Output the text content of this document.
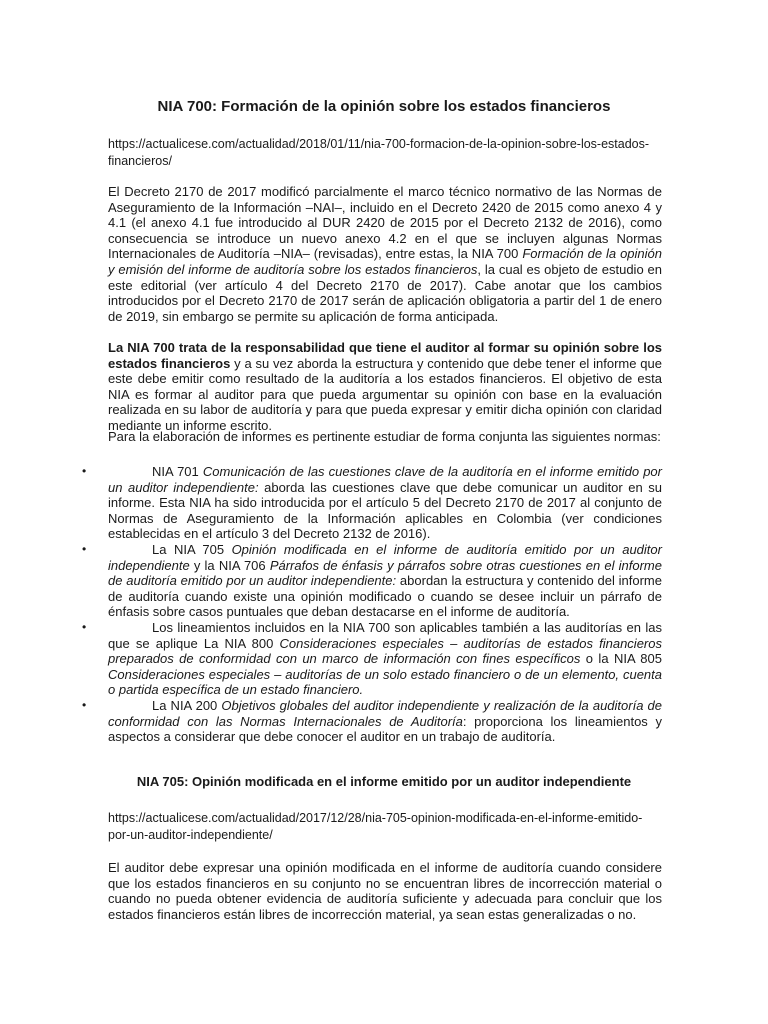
NIA 700: Formación de la opinión sobre los estados financieros
https://actualicese.com/actualidad/2018/01/11/nia-700-formacion-de-la-opinion-sobre-los-estados-financieros/
El Decreto 2170 de 2017 modificó parcialmente el marco técnico normativo de las Normas de Aseguramiento de la Información –NAI–, incluido en el Decreto 2420 de 2015 como anexo 4 y 4.1 (el anexo 4.1 fue introducido al DUR 2420 de 2015 por el Decreto 2132 de 2016), como consecuencia se introduce un nuevo anexo 4.2 en el que se incluyen algunas Normas Internacionales de Auditoría –NIA– (revisadas), entre estas, la NIA 700 Formación de la opinión y emisión del informe de auditoría sobre los estados financieros, la cual es objeto de estudio en este editorial (ver artículo 4 del Decreto 2170 de 2017). Cabe anotar que los cambios introducidos por el Decreto 2170 de 2017 serán de aplicación obligatoria a partir del 1 de enero de 2019, sin embargo se permite su aplicación de forma anticipada.
La NIA 700 trata de la responsabilidad que tiene el auditor al formar su opinión sobre los estados financieros y a su vez aborda la estructura y contenido que debe tener el informe que este debe emitir como resultado de la auditoría a los estados financieros. El objetivo de esta NIA es formar al auditor para que pueda argumentar su opinión con base en la evaluación realizada en su labor de auditoría y para que pueda expresar y emitir dicha opinión con claridad mediante un informe escrito.
Para la elaboración de informes es pertinente estudiar de forma conjunta las siguientes normas:
•	NIA 701 Comunicación de las cuestiones clave de la auditoría en el informe emitido por un auditor independiente: aborda las cuestiones clave que debe comunicar un auditor en su informe. Esta NIA ha sido introducida por el artículo 5 del Decreto 2170 de 2017 al conjunto de Normas de Aseguramiento de la Información aplicables en Colombia (ver condiciones establecidas en el artículo 3 del Decreto 2132 de 2016).
•	La NIA 705 Opinión modificada en el informe de auditoría emitido por un auditor independiente y la NIA 706 Párrafos de énfasis y párrafos sobre otras cuestiones en el informe de auditoría emitido por un auditor independiente: abordan la estructura y contenido del informe de auditoría cuando existe una opinión modificado o cuando se desee incluir un párrafo de énfasis sobre casos puntuales que deban destacarse en el informe de auditoría.
•	Los lineamientos incluidos en la NIA 700 son aplicables también a las auditorías en las que se aplique La NIA 800 Consideraciones especiales – auditorías de estados financieros preparados de conformidad con un marco de información con fines específicos o la NIA 805 Consideraciones especiales – auditorías de un solo estado financiero o de un elemento, cuenta o partida específica de un estado financiero.
•	La NIA 200 Objetivos globales del auditor independiente y realización de la auditoría de conformidad con las Normas Internacionales de Auditoría: proporciona los lineamientos y aspectos a considerar que debe conocer el auditor en un trabajo de auditoría.
NIA 705: Opinión modificada en el informe emitido por un auditor independiente
https://actualicese.com/actualidad/2017/12/28/nia-705-opinion-modificada-en-el-informe-emitido-por-un-auditor-independiente/
El auditor debe expresar una opinión modificada en el informe de auditoría cuando considere que los estados financieros en su conjunto no se encuentran libres de incorrección material o cuando no pueda obtener evidencia de auditoría suficiente y adecuada para concluir que los estados financieros están libres de incorrección material, ya sean estas generalizadas o no.
